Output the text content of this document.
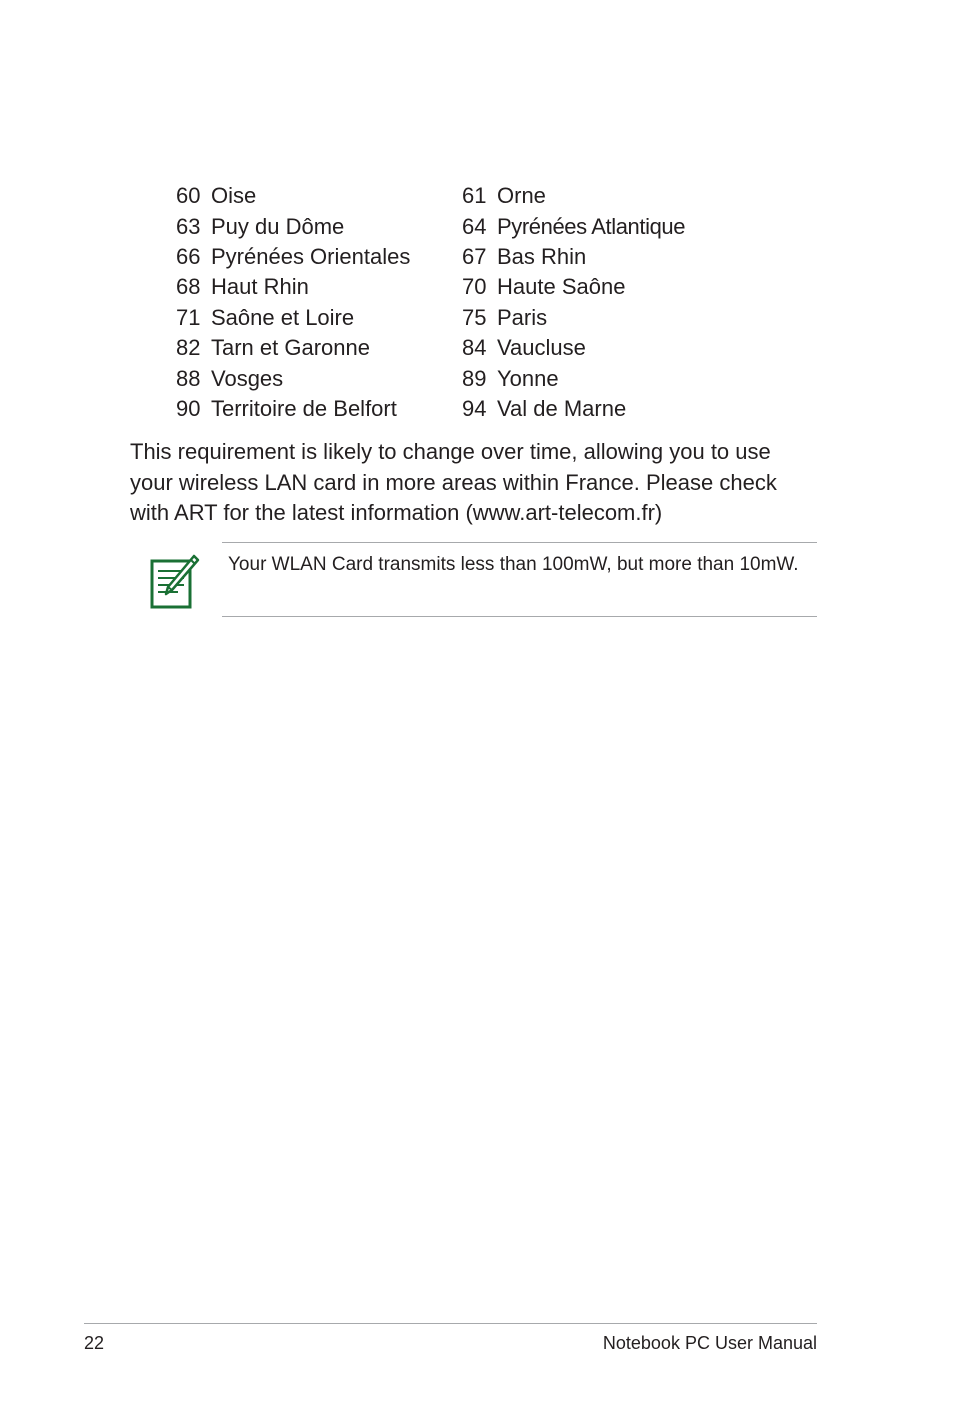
60 Oise	61 Orne
63 Puy du Dôme	64 Pyrénées Atlantique
66 Pyrénées Orientales 67 Bas Rhin
68 Haut Rhin	70 Haute Saône
71 Saône et Loire	75 Paris
82 Tarn et Garonne	84 Vaucluse
88 Vosges	89 Yonne
90 Territoire de Belfort	94 Val de Marne

This requirement is likely to change over time, allowing you to use your wireless LAN card in more areas within France. Please check with ART for the latest information (www.art-telecom.fr)

Your WLAN Card transmits less than 100mW, but more than 10mW.

22	Notebook PC User Manual
